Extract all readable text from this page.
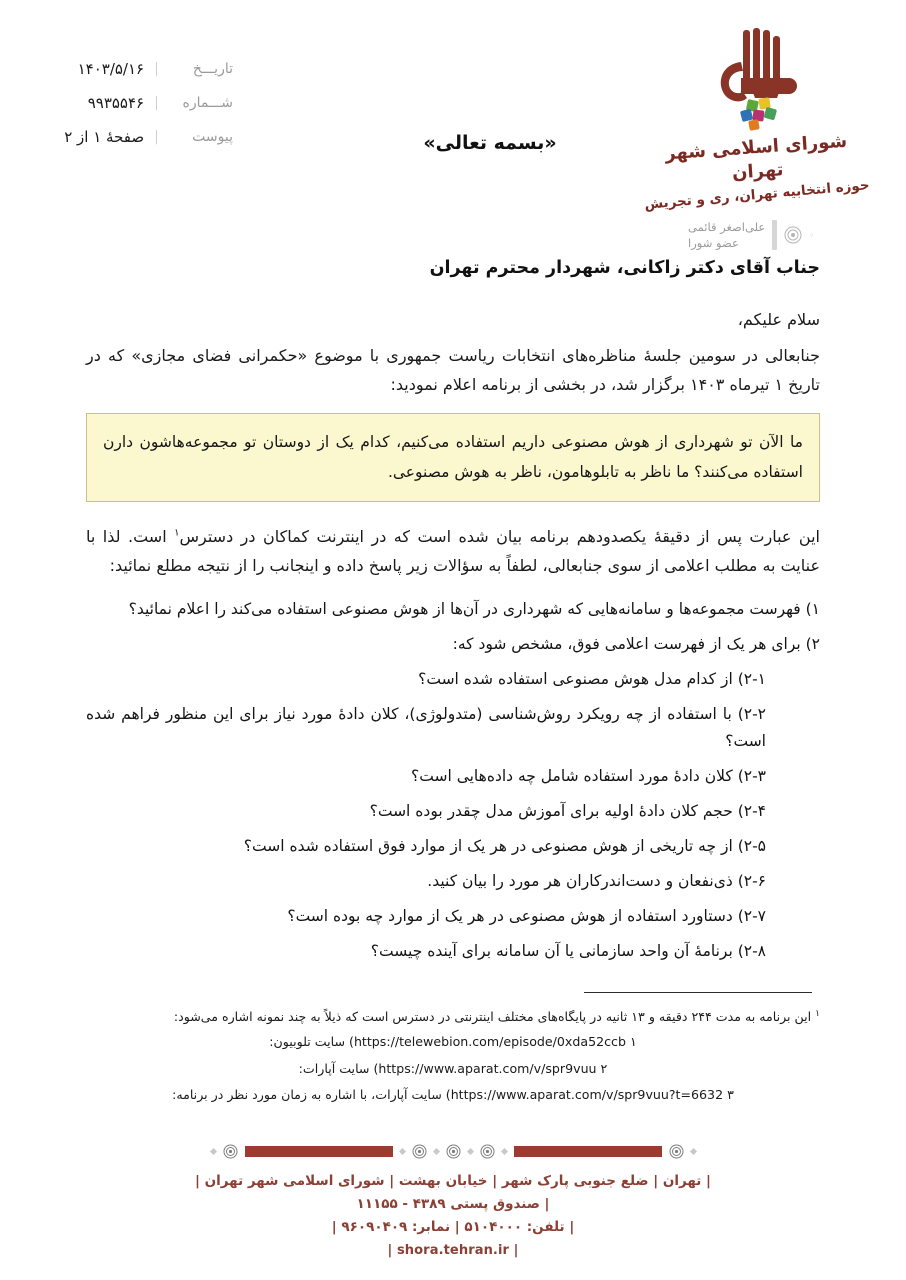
تاریـــخ
|
۱۴۰۳/۵/۱۶
شـــماره
|
۹۹۳۵۵۴۶
پیوست
|
صفحهٔ ۱ از ۲	«بسمه تعالی»	شورای اسلامی شهر تهران
حوزه انتخابیه تهران، ری و تجریش
◦
علی‌اصغر قائمی
عضو شورا
جناب آقای دکتر زاکانی، شهردار محترم تهران
سلام علیکم،

جنابعالی در سومین جلسهٔ مناظره‌های انتخابات ریاست جمهوری با موضوع «حکمرانی فضای مجازی» که در تاریخ ۱ تیرماه ۱۴۰۳ برگزار شد، در بخشی از برنامه اعلام نمودید:

ما الآن تو شهرداری از هوش مصنوعی داریم استفاده می‌کنیم، کدام یک از دوستان تو مجموعه‌هاشون دارن استفاده می‌کنند؟ ما ناظر به تابلوهامون، ناظر به هوش مصنوعی.

این عبارت پس از دقیقهٔ یکصدودهم برنامه بیان شده است که در اینترنت کماکان در دسترس$^۱$ است. لذا با عنایت به مطلب اعلامی از سوی جنابعالی، لطفاً به سؤالات زیر پاسخ داده و اینجانب را از نتیجه مطلع نمائید:

۱) فهرست مجموعه‌ها و سامانه‌هایی که شهرداری در آن‌ها از هوش مصنوعی استفاده می‌کند را اعلام نمائید؟
۲) برای هر یک از فهرست اعلامی فوق، مشخص شود که:
۲-۱) از کدام مدل هوش مصنوعی استفاده شده است؟
۲-۲) با استفاده از چه رویکرد روش‌شناسی (متدولوژی)، کلان دادهٔ مورد نیاز برای این منظور فراهم شده است؟
۲-۳) کلان دادهٔ مورد استفاده شامل چه داده‌هایی است؟
۲-۴) حجم کلان دادهٔ اولیه برای آموزش مدل چقدر بوده است؟
۲-۵) از چه تاریخی از هوش مصنوعی در هر یک از موارد فوق استفاده شده است؟
۲-۶) ذی‌نفعان و دست‌اندرکاران هر مورد را بیان کنید.
۲-۷) دستاورد استفاده از هوش مصنوعی در هر یک از موارد چه بوده است؟
۲-۸) برنامهٔ آن واحد سازمانی یا آن سامانه برای آینده چیست؟
$^۱$ این برنامه به مدت ۲۴۴ دقیقه و ۱۳ ثانیه در پایگاه‌های مختلف اینترنتی در دسترس است که ذیلاً به چند نمونه اشاره می‌شود:
https://telewebion.com/episode/0xda52ccb ۱) سایت تلوبیون:
https://www.aparat.com/v/spr9vuu ۲) سایت آپارات:
https://www.aparat.com/v/spr9vuu?t=6632 ۳) سایت آپارات، با اشاره به زمان مورد نظر در برنامه:
| تهران | ضلع جنوبی پارک شهر | خیابان بهشت | شورای اسلامی شهر تهران |
| صندوق پستی ۴۳۸۹ - ۱۱۱۵۵
| تلفن: ۵۱۰۴۰۰۰ | نمابر: ۹۶۰۹۰۴۰۹ |
| shora.tehran.ir |
